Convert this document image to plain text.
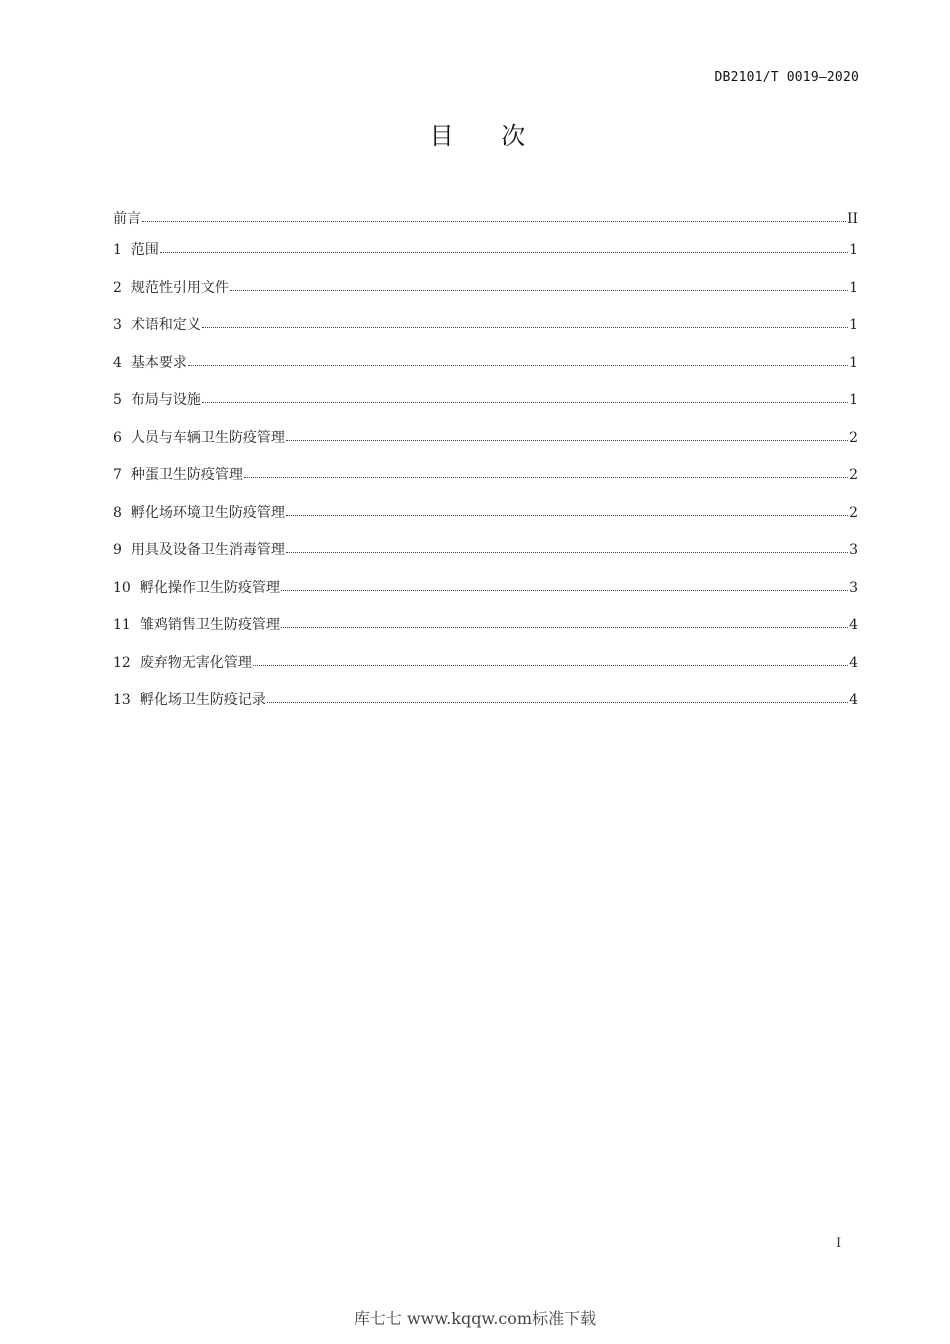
DB2101/T 0019—2020
目 次
前言	II
1 范围	1
2 规范性引用文件	1
3 术语和定义	1
4 基本要求	1
5 布局与设施	1
6 人员与车辆卫生防疫管理	2
7 种蛋卫生防疫管理	2
8 孵化场环境卫生防疫管理	2
9 用具及设备卫生消毒管理	3
10 孵化操作卫生防疫管理	3
11 雏鸡销售卫生防疫管理	4
12 废弃物无害化管理	4
13 孵化场卫生防疫记录	4
I
库七七 www.kqqw.com标准下载
